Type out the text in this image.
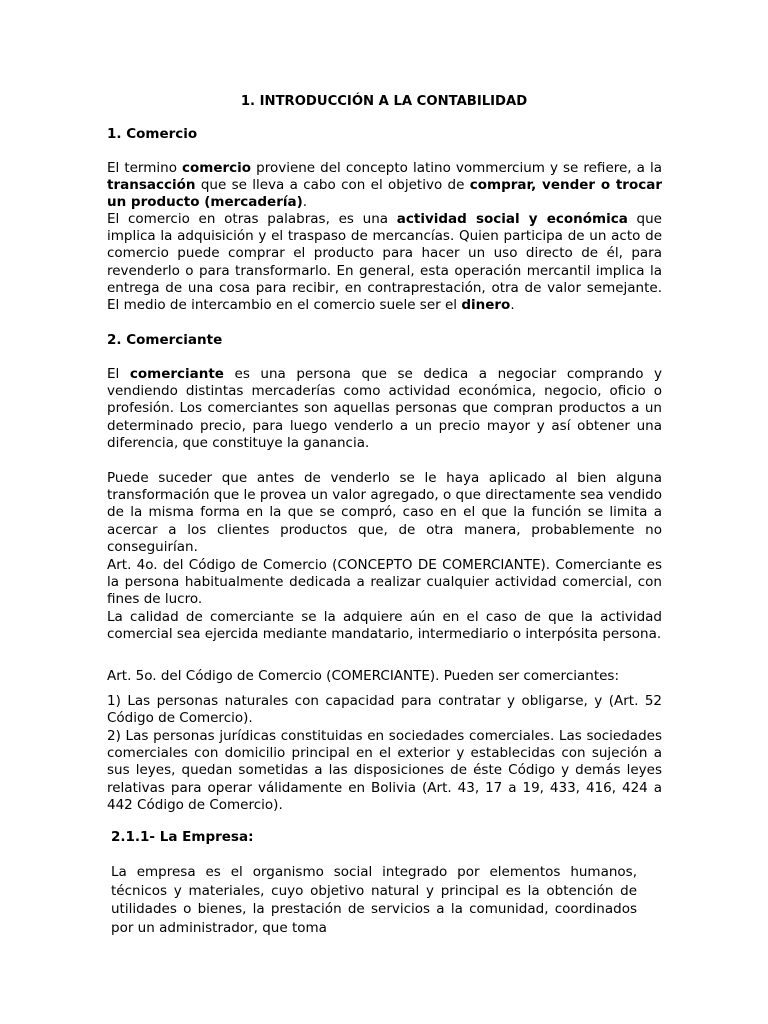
1. INTRODUCCIÓN A LA CONTABILIDAD
1. Comercio
El termino comercio proviene del concepto latino vommercium y se refiere, a la transacción que se lleva a cabo con el objetivo de comprar, vender o trocar un producto (mercadería).
El comercio en otras palabras, es una actividad social y económica que implica la adquisición y el traspaso de mercancías. Quien participa de un acto de comercio puede comprar el producto para hacer un uso directo de él, para revenderlo o para transformarlo. En general, esta operación mercantil implica la entrega de una cosa para recibir, en contraprestación, otra de valor semejante. El medio de intercambio en el comercio suele ser el dinero.
2. Comerciante
El comerciante es una persona que se dedica a negociar comprando y vendiendo distintas mercaderías como actividad económica, negocio, oficio o profesión. Los comerciantes son aquellas personas que compran productos a un determinado precio, para luego venderlo a un precio mayor y así obtener una diferencia, que constituye la ganancia.
Puede suceder que antes de venderlo se le haya aplicado al bien alguna transformación que le provea un valor agregado, o que directamente sea vendido de la misma forma en la que se compró, caso en el que la función se limita a acercar a los clientes productos que, de otra manera, probablemente no conseguirían.
Art. 4o. del Código de Comercio (CONCEPTO DE COMERCIANTE). Comerciante es la persona habitualmente dedicada a realizar cualquier actividad comercial, con fines de lucro.
La calidad de comerciante se la adquiere aún en el caso de que la actividad comercial sea ejercida mediante mandatario, intermediario o interpósita persona.
Art. 5o. del Código de Comercio (COMERCIANTE). Pueden ser comerciantes:
1) Las personas naturales con capacidad para contratar y obligarse, y (Art. 52 Código de Comercio).
2) Las personas jurídicas constituidas en sociedades comerciales. Las sociedades comerciales con domicilio principal en el exterior y establecidas con sujeción a sus leyes, quedan sometidas a las disposiciones de éste Código y demás leyes relativas para operar válidamente en Bolivia (Art. 43, 17 a 19, 433, 416, 424 a 442 Código de Comercio).
2.1.1- La Empresa:
La empresa es el organismo social integrado por elementos humanos, técnicos y materiales, cuyo objetivo natural y principal es la obtención de utilidades o bienes, la prestación de servicios a la comunidad, coordinados por un administrador, que toma
